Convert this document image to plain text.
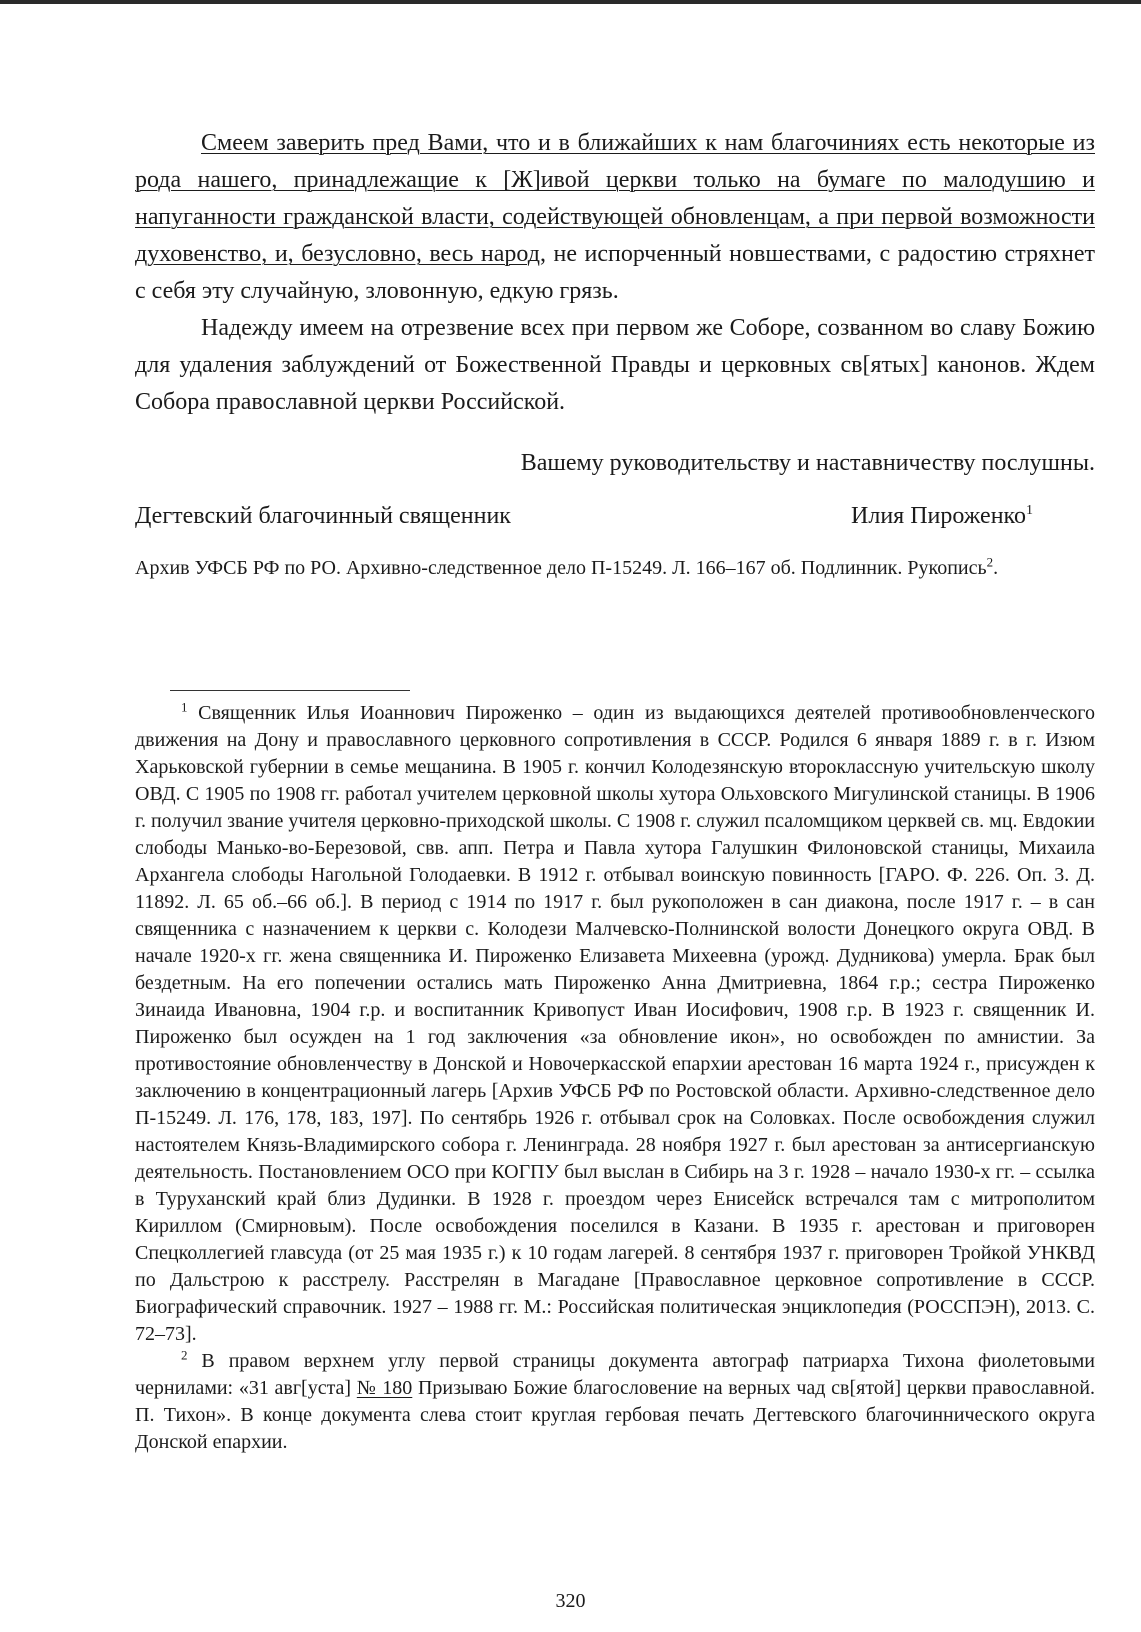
Смеем заверить пред Вами, что и в ближайших к нам благочиниях есть некоторые из рода нашего, принадлежащие к [Ж]ивой церкви только на бумаге по малодушию и напуганности гражданской власти, содействующей обновленцам, а при первой возможности духовенство, и, безусловно, весь народ, не испорченный новшествами, с радостию стряхнет с себя эту случайную, зловонную, едкую грязь.

Надежду имеем на отрезвение всех при первом же Соборе, созванном во славу Божию для удаления заблуждений от Божественной Правды и церковных св[ятых] канонов. Ждем Собора православной церкви Российской.

Вашему руководительству и наставничеству послушны.

Дегтевский благочинный священник	Илия Пироженко$^1$

Архив УФСБ РФ по РО. Архивно-следственное дело П-15249. Л. 166–167 об. Подлинник. Рукопись$^2$.

$^1$ Священник Илья Иоаннович Пироженко – один из выдающихся деятелей противообновленческого движения на Дону и православного церковного сопротивления в СССР. Родился 6 января 1889 г. в г. Изюм Харьковской губернии в семье мещанина. В 1905 г. кончил Колодезянскую второклассную учительскую школу ОВД. С 1905 по 1908 гг. работал учителем церковной школы хутора Ольховского Мигулинской станицы. В 1906 г. получил звание учителя церковно-приходской школы. С 1908 г. служил псаломщиком церквей св. мц. Евдокии слободы Манько-во-Березовой, свв. апп. Петра и Павла хутора Галушкин Филоновской станицы, Михаила Архангела слободы Нагольной Голодаевки. В 1912 г. отбывал воинскую повинность [ГАРО. Ф. 226. Оп. 3. Д. 11892. Л. 65 об.–66 об.]. В период с 1914 по 1917 г. был рукоположен в сан диакона, после 1917 г. – в сан священника с назначением к церкви с. Колодези Малчевско-Полнинской волости Донецкого округа ОВД. В начале 1920-х гг. жена священника И. Пироженко Елизавета Михеевна (урожд. Дудникова) умерла. Брак был бездетным. На его попечении остались мать Пироженко Анна Дмитриевна, 1864 г.р.; сестра Пироженко Зинаида Ивановна, 1904 г.р. и воспитанник Кривопуст Иван Иосифович, 1908 г.р. В 1923 г. священник И. Пироженко был осужден на 1 год заключения «за обновление икон», но освобожден по амнистии. За противостояние обновленчеству в Донской и Новочеркасской епархии арестован 16 марта 1924 г., присужден к заключению в концентрационный лагерь [Архив УФСБ РФ по Ростовской области. Архивно-следственное дело П-15249. Л. 176, 178, 183, 197]. По сентябрь 1926 г. отбывал срок на Соловках. После освобождения служил настоятелем Князь-Владимирского собора г. Ленинграда. 28 ноября 1927 г. был арестован за антисергианскую деятельность. Постановлением ОСО при КОГПУ был выслан в Сибирь на 3 г. 1928 – начало 1930-х гг. – ссылка в Туруханский край близ Дудинки. В 1928 г. проездом через Енисейск встречался там с митрополитом Кириллом (Смирновым). После освобождения поселился в Казани. В 1935 г. арестован и приговорен Спецколлегией главсуда (от 25 мая 1935 г.) к 10 годам лагерей. 8 сентября 1937 г. приговорен Тройкой УНКВД по Дальстрою к расстрелу. Расстрелян в Магадане [Православное церковное сопротивление в СССР. Биографический справочник. 1927 – 1988 гг. М.: Российская политическая энциклопедия (РОССПЭН), 2013. С. 72–73].

$^2$ В правом верхнем углу первой страницы документа автограф патриарха Тихона фиолетовыми чернилами: «31 авг[уста] № 180 Призываю Божие благословение на верных чад св[ятой] церкви православной. П. Тихон». В конце документа слева стоит круглая гербовая печать Дегтевского благочиннического округа Донской епархии.

320
